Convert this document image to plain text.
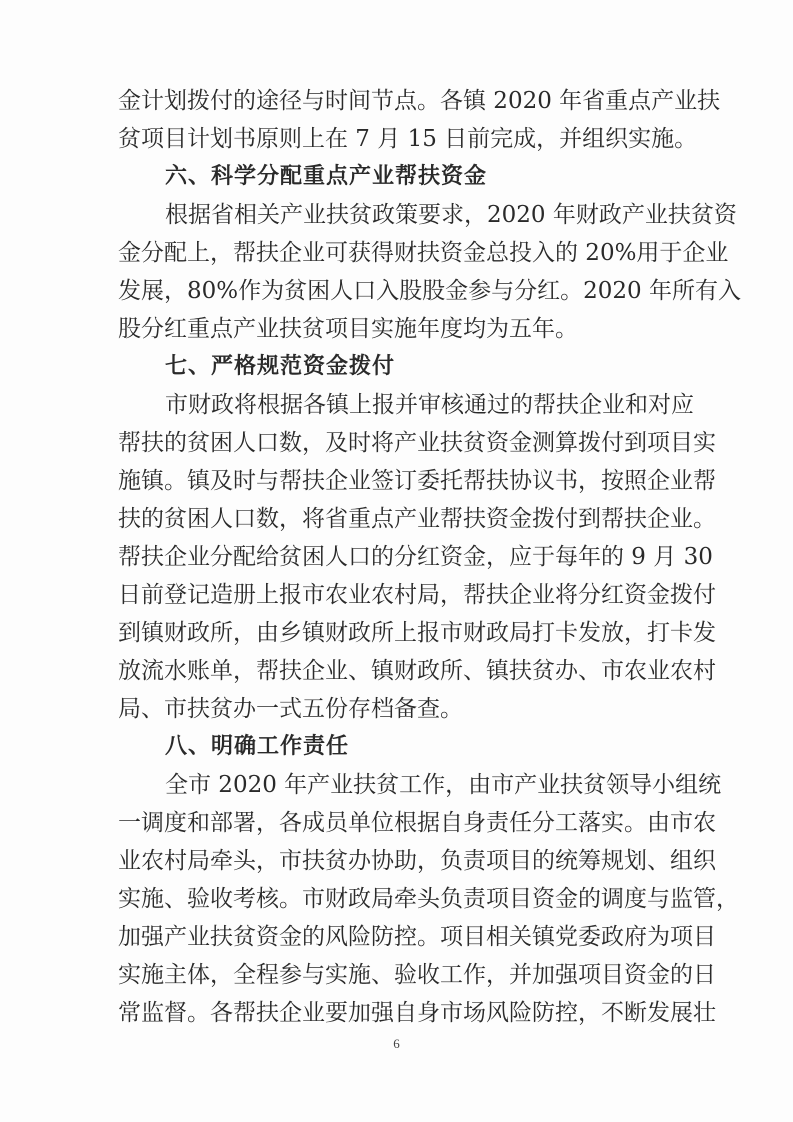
金计划拨付的途径与时间节点。各镇 2020 年省重点产业扶
贫项目计划书原则上在 7 月 15 日前完成，并组织实施。
六、科学分配重点产业帮扶资金
根据省相关产业扶贫政策要求，2020 年财政产业扶贫资
金分配上，帮扶企业可获得财扶资金总投入的 20%用于企业
发展，80%作为贫困人口入股股金参与分红。2020 年所有入
股分红重点产业扶贫项目实施年度均为五年。
七、严格规范资金拨付
市财政将根据各镇上报并审核通过的帮扶企业和对应
帮扶的贫困人口数，及时将产业扶贫资金测算拨付到项目实
施镇。镇及时与帮扶企业签订委托帮扶协议书，按照企业帮
扶的贫困人口数，将省重点产业帮扶资金拨付到帮扶企业。
帮扶企业分配给贫困人口的分红资金，应于每年的 9 月 30
日前登记造册上报市农业农村局，帮扶企业将分红资金拨付
到镇财政所，由乡镇财政所上报市财政局打卡发放，打卡发
放流水账单，帮扶企业、镇财政所、镇扶贫办、市农业农村
局、市扶贫办一式五份存档备查。
八、明确工作责任
全市 2020 年产业扶贫工作，由市产业扶贫领导小组统
一调度和部署，各成员单位根据自身责任分工落实。由市农
业农村局牵头，市扶贫办协助，负责项目的统筹规划、组织
实施、验收考核。市财政局牵头负责项目资金的调度与监管，
加强产业扶贫资金的风险防控。项目相关镇党委政府为项目
实施主体，全程参与实施、验收工作，并加强项目资金的日
常监督。各帮扶企业要加强自身市场风险防控，不断发展壮
6
